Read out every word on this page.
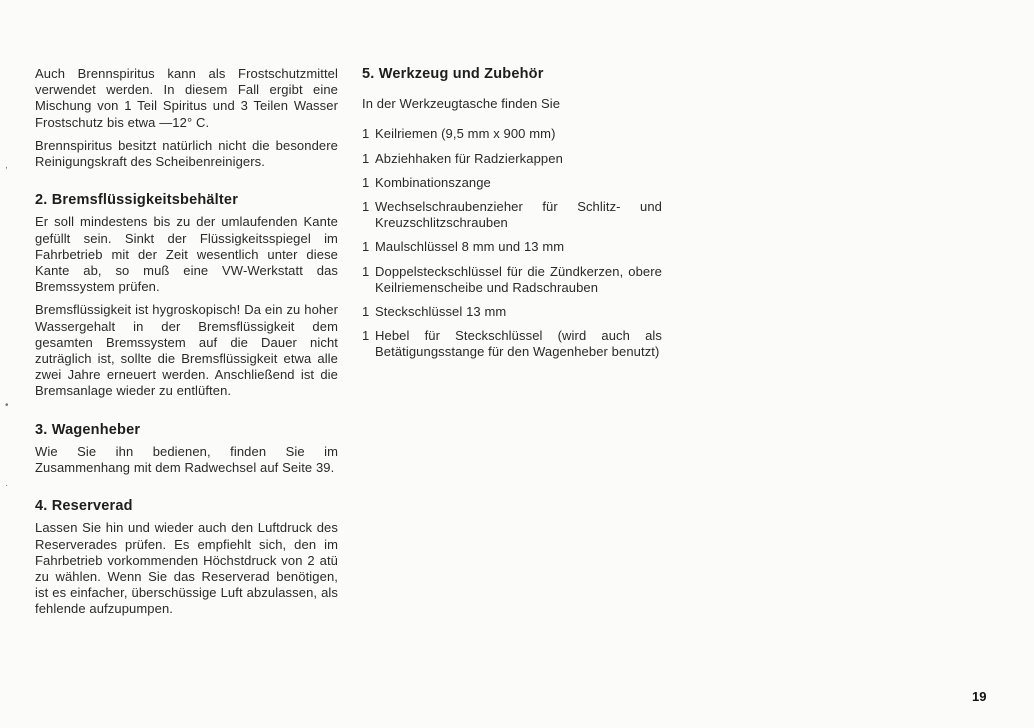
,
•
·

Auch Brennspiritus kann als Frostschutzmittel verwendet werden. In diesem Fall ergibt eine Mischung von 1 Teil Spiritus und 3 Teilen Wasser Frostschutz bis etwa —12° C.

Brennspiritus besitzt natürlich nicht die besondere Reinigungskraft des Scheibenreinigers.

2. Bremsflüssigkeitsbehälter

Er soll mindestens bis zu der umlaufenden Kante gefüllt sein. Sinkt der Flüssigkeitsspiegel im Fahrbetrieb mit der Zeit wesentlich unter diese Kante ab, so muß eine VW-Werkstatt das Bremssystem prüfen.

Bremsflüssigkeit ist hygroskopisch! Da ein zu hoher Wassergehalt in der Bremsflüssigkeit dem gesamten Bremssystem auf die Dauer nicht zuträglich ist, sollte die Bremsflüssigkeit etwa alle zwei Jahre erneuert werden. Anschließend ist die Bremsanlage wieder zu entlüften.

3. Wagenheber

Wie Sie ihn bedienen, finden Sie im Zusammenhang mit dem Radwechsel auf Seite 39.

4. Reserverad

Lassen Sie hin und wieder auch den Luftdruck des Reserverades prüfen. Es empfiehlt sich, den im Fahrbetrieb vorkommenden Höchstdruck von 2 atü zu wählen. Wenn Sie das Reserverad benötigen, ist es einfacher, überschüssige Luft abzulassen, als fehlende aufzupumpen.

5. Werkzeug und Zubehör

In der Werkzeugtasche finden Sie

1 Keilriemen (9,5 mm x 900 mm)
1 Abziehhaken für Radzierkappen
1 Kombinationszange
1 Wechselschraubenzieher für Schlitz- und Kreuzschlitzschrauben
1 Maulschlüssel 8 mm und 13 mm
1 Doppelsteckschlüssel für die Zündkerzen, obere Keilriemenscheibe und Radschrauben
1 Steckschlüssel 13 mm
1 Hebel für Steckschlüssel (wird auch als Betätigungsstange für den Wagenheber benutzt)
19
